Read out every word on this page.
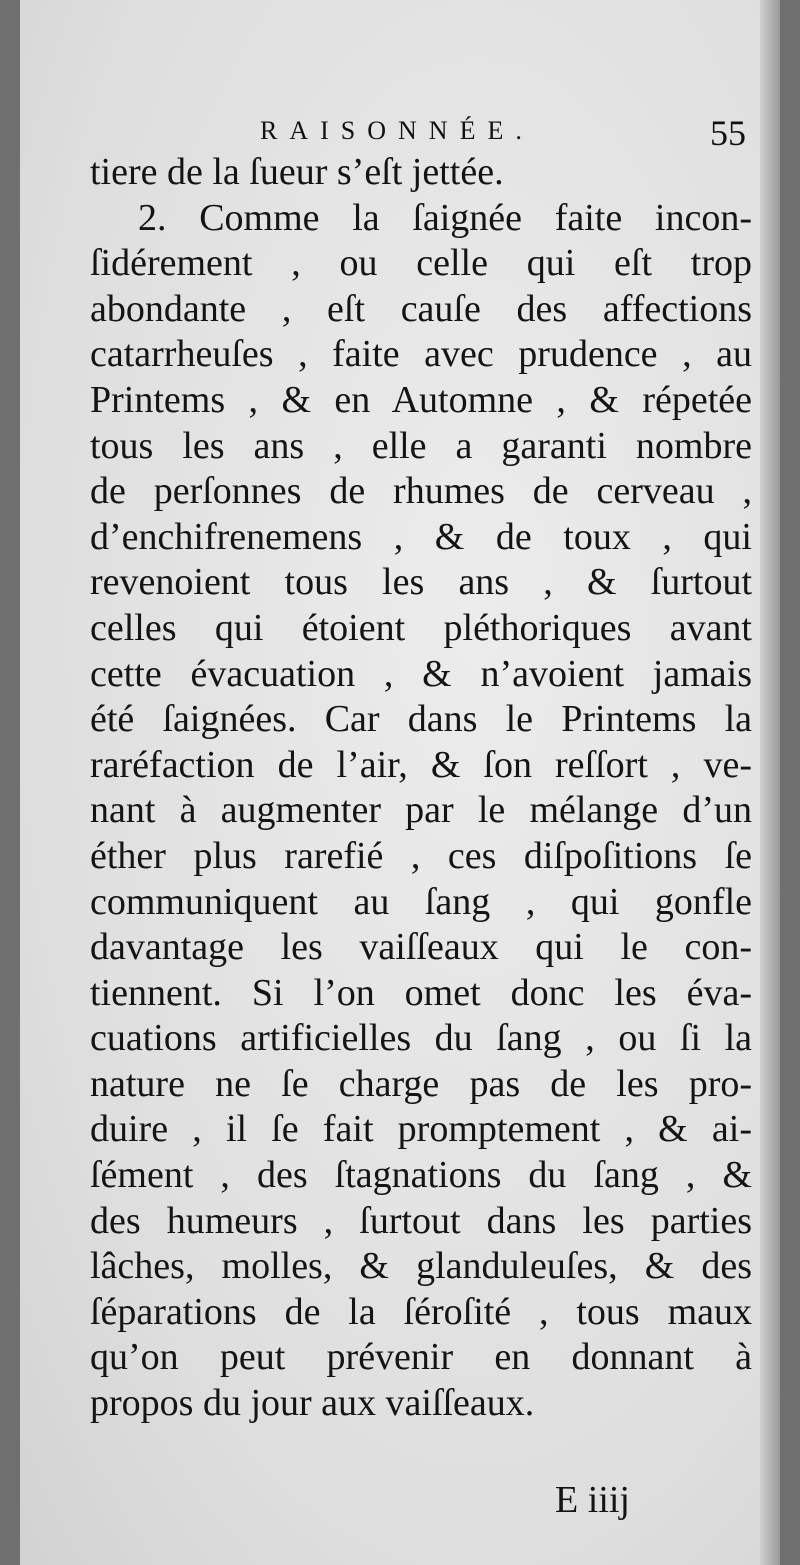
RAISONNÉE.	55
tiere de la ſueur s’eſt jettée.
2. Comme la ſaignée faite incon-
ſidérement , ou celle qui eſt trop
abondante , eſt cauſe des affections
catarrheuſes , faite avec prudence , au
Printems , & en Automne , & répetée
tous les ans , elle a garanti nombre
de perſonnes de rhumes de cerveau ,
d’enchifrenemens , & de toux , qui
revenoient tous les ans , & ſurtout
celles qui étoient pléthoriques avant
cette évacuation , & n’avoient jamais
été ſaignées. Car dans le Printems la
raréfaction de l’air, & ſon reſſort , ve-
nant à augmenter par le mélange d’un
éther plus rarefié , ces diſpoſitions ſe
communiquent au ſang , qui gonfle
davantage les vaiſſeaux qui le con-
tiennent. Si l’on omet donc les éva-
cuations artificielles du ſang , ou ſi la
nature ne ſe charge pas de les pro-
duire , il ſe fait promptement , & ai-
ſément , des ſtagnations du ſang , &
des humeurs , ſurtout dans les parties
lâches, molles, & glanduleuſes, & des
ſéparations de la ſéroſité , tous maux
qu’on peut prévenir en donnant à
propos du jour aux vaiſſeaux.
E iiij
